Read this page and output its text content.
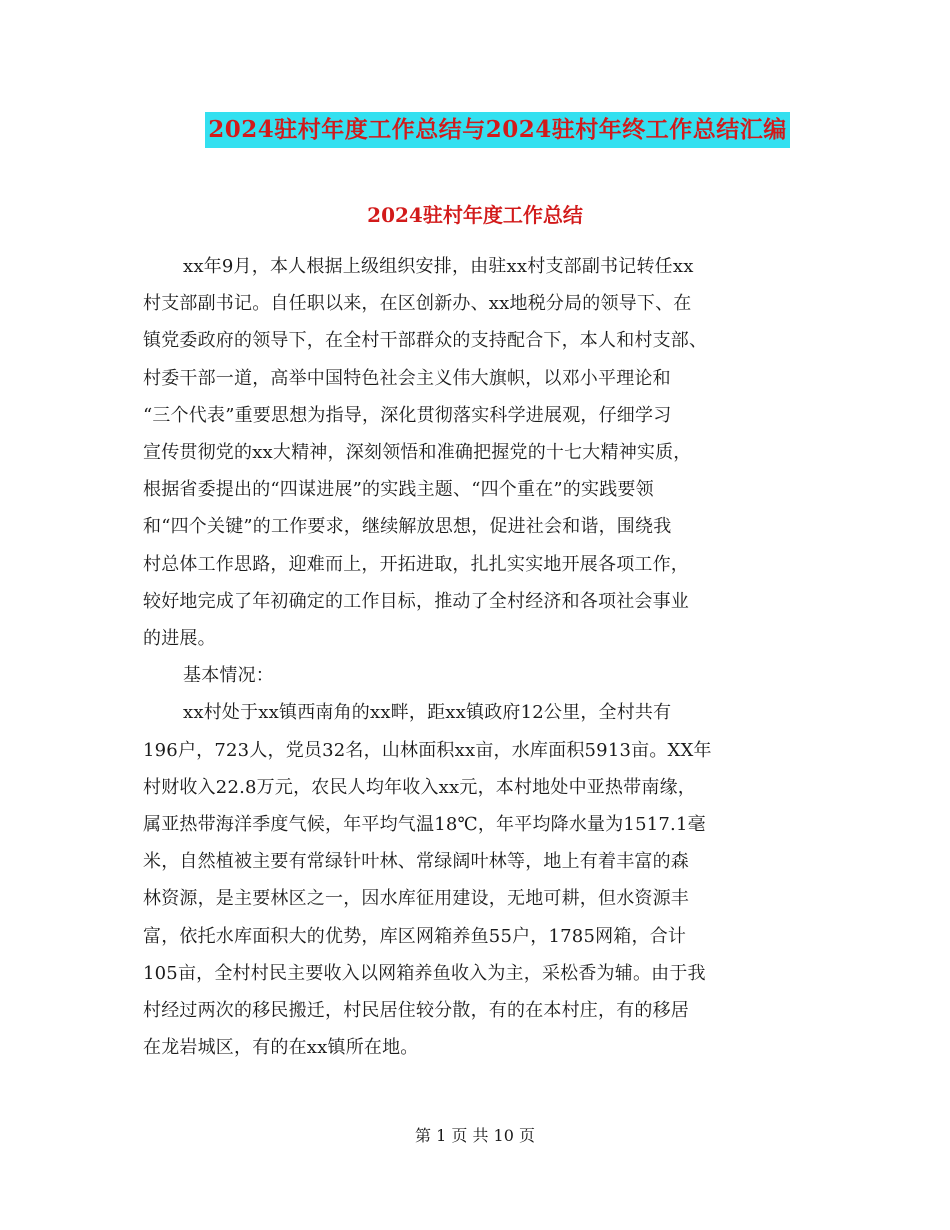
2024驻村年度工作总结与2024驻村年终工作总结汇编
2024驻村年度工作总结
xx年9月，本人根据上级组织安排，由驻xx村支部副书记转任xx
村支部副书记。自任职以来，在区创新办、xx地税分局的领导下、在
镇党委政府的领导下，在全村干部群众的支持配合下，本人和村支部、
村委干部一道，高举中国特色社会主义伟大旗帜，以邓小平理论和
“三个代表”重要思想为指导，深化贯彻落实科学进展观，仔细学习
宣传贯彻党的xx大精神，深刻领悟和准确把握党的十七大精神实质，
根据省委提出的“四谋进展”的实践主题、“四个重在”的实践要领
和“四个关键”的工作要求，继续解放思想，促进社会和谐，围绕我
村总体工作思路，迎难而上，开拓进取，扎扎实实地开展各项工作，
较好地完成了年初确定的工作目标，推动了全村经济和各项社会事业
的进展。
基本情况：
xx村处于xx镇西南角的xx畔，距xx镇政府12公里，全村共有
196户，723人，党员32名，山林面积xx亩，水库面积5913亩。XX年
村财收入22.8万元，农民人均年收入xx元，本村地处中亚热带南缘，
属亚热带海洋季度气候，年平均气温18℃，年平均降水量为1517.1毫
米，自然植被主要有常绿针叶林、常绿阔叶林等，地上有着丰富的森
林资源，是主要林区之一，因水库征用建设，无地可耕，但水资源丰
富，依托水库面积大的优势，库区网箱养鱼55户，1785网箱，合计
105亩，全村村民主要收入以网箱养鱼收入为主，采松香为辅。由于我
村经过两次的移民搬迁，村民居住较分散，有的在本村庄，有的移居
在龙岩城区，有的在xx镇所在地。
第 1 页 共 10 页
